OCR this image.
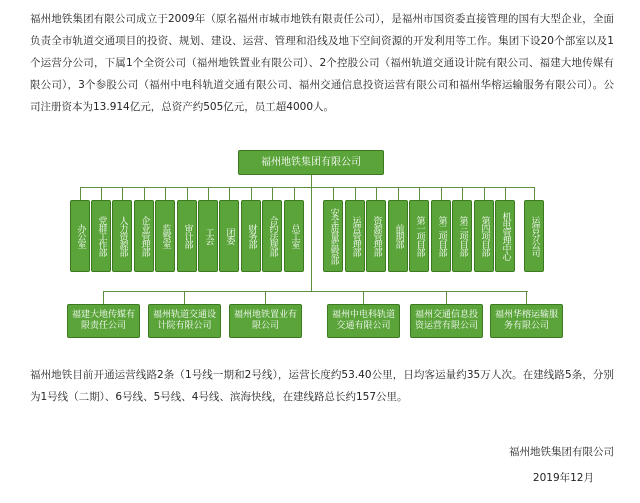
福州地铁集团有限公司成立于2009年（原名福州市城市地铁有限责任公司），是福州市国资委直接管理的国有大型企业，全面负责全市轨道交通项目的投资、规划、建设、运营、管理和沿线及地下空间资源的开发利用等工作。集团下设20个部室以及1个运营分公司，下属1个全资公司（福州地铁置业有限公司）、2个控股公司（福州轨道交通设计院有限公司、福建大地传媒有限公司），3个参股公司（福州中电科轨道交通有限公司、福州交通信息投资运营有限公司和福州华榕运输服务有限公司）。公司注册资本为13.914亿元，总资产约505亿元，员工超4000人。

福州地铁集团有限公司
办公室 党群工作部 人力资源部 企业管理部 监察室 审计部 工会 团委 财务部 合约法规部 总工室	安全质量监察部 运营管理部 资源管理部 前期部 第一项目部 第二项目部 第三项目部 第四项目部 机电管理中心 运营分公司
福建大地传媒有限责任公司
福州轨道交通设计院有限公司
福州地铁置业有限公司
福州中电科轨道交通有限公司
福州交通信息投资运营有限公司
福州华榕运输服务有限公司

福州地铁目前开通运营线路2条（1号线一期和2号线），运营长度约53.40公里，日均客运量约35万人次。在建线路5条，分别为1号线（二期）、6号线、5号线、4号线、滨海快线，在建线路总长约157公里。

福州地铁集团有限公司
2019年12月
